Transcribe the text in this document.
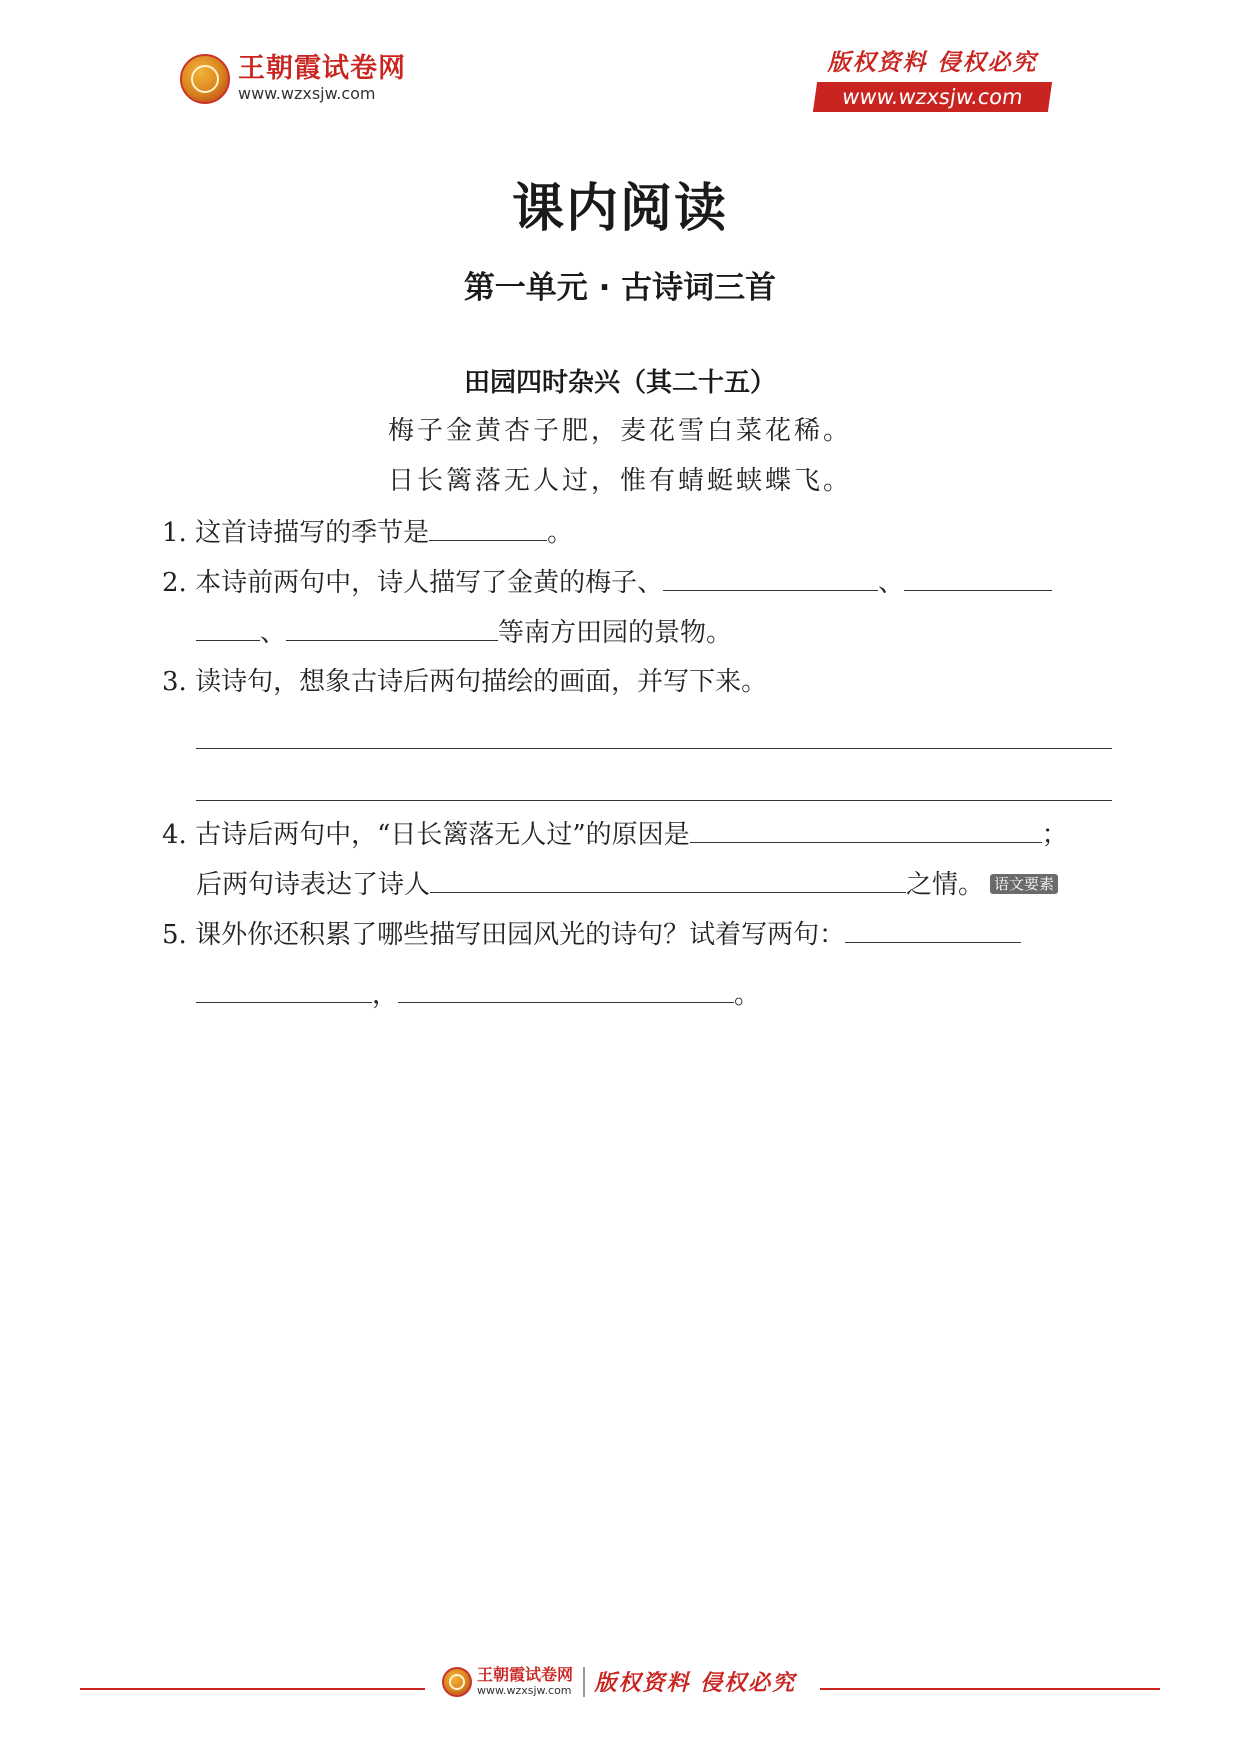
王朝霞试卷网
www.wzxsjw.com
版权资料 侵权必究
www.wzxsjw.com
课内阅读
第一单元 · 古诗词三首
田园四时杂兴（其二十五）
梅子金黄杏子肥，麦花雪白菜花稀。
日长篱落无人过，惟有蜻蜓蛱蝶飞。
1. 这首诗描写的季节是	。
2. 本诗前两句中，诗人描写了金黄的梅子、	、
、	等南方田园的景物。
3. 读诗句，想象古诗后两句描绘的画面，并写下来。
4. 古诗后两句中，“日长篱落无人过”的原因是	；
后两句诗表达了诗人	之情。 语文要素
5. 课外你还积累了哪些描写田园风光的诗句？试着写两句：
，	。
王朝霞试卷网
www.wzxsjw.com 版权资料 侵权必究
